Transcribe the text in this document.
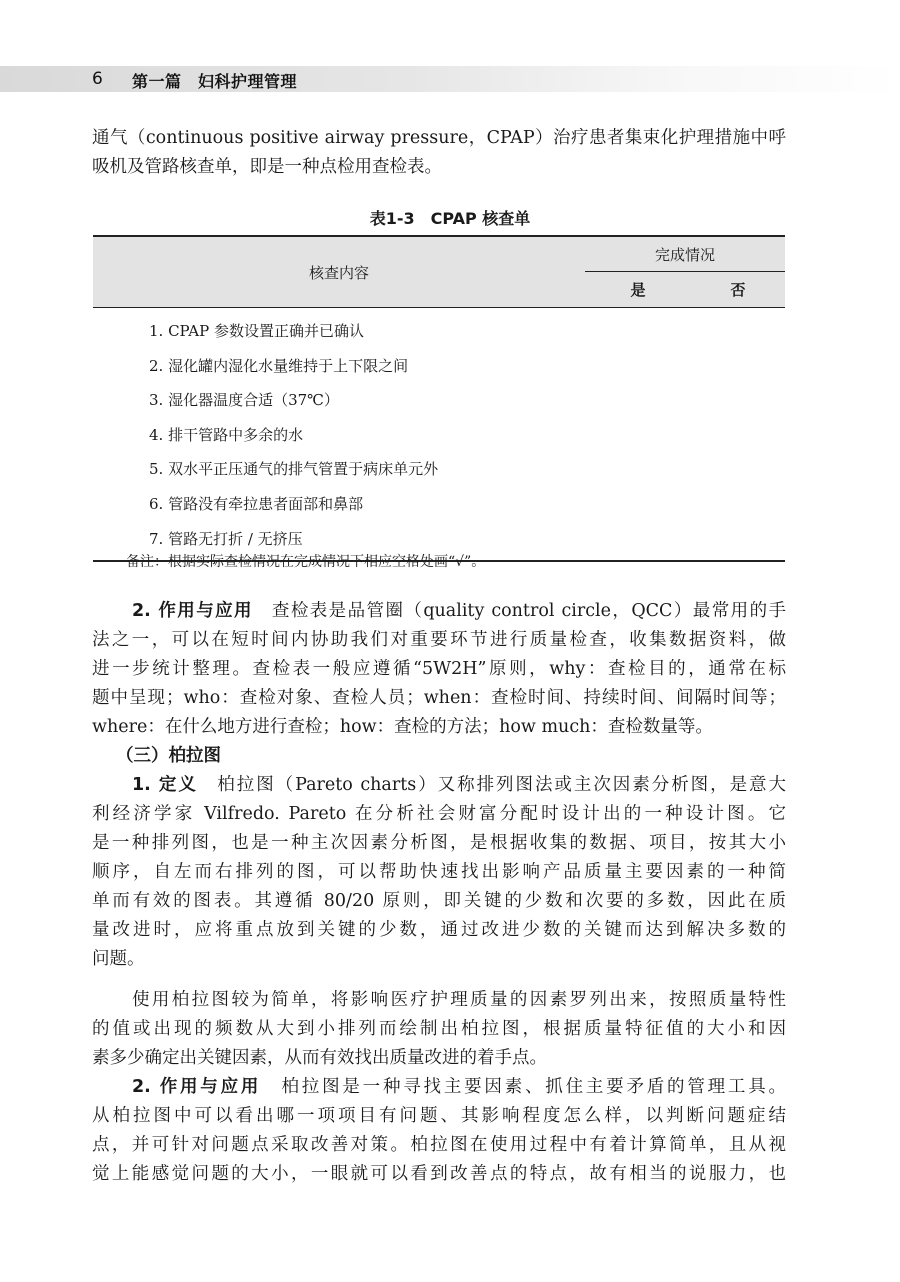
6 第一篇　妇科护理管理

通气（continuous positive airway pressure，CPAP）治疗患者集束化护理措施中呼

吸机及管路核查单，即是一种点检用查检表。

表1-3　CPAP 核查单
核查内容
完成情况
是	否
1. CPAP 参数设置正确并已确认
2. 湿化罐内湿化水量维持于上下限之间
3. 湿化器温度合适（37℃）
4. 排干管路中多余的水
5. 双水平正压通气的排气管置于病床单元外
6. 管路没有牵拉患者面部和鼻部
7. 管路无打折 / 无挤压
备注：根据实际查检情况在完成情况下相应空格处画“√”。

2. 作用与应用　查检表是品管圈（quality control circle，QCC）最常用的手

法之一，可以在短时间内协助我们对重要环节进行质量检查，收集数据资料，做

进一步统计整理。查检表一般应遵循“5W2H”原则，why：查检目的，通常在标

题中呈现；who：查检对象、查检人员；when：查检时间、持续时间、间隔时间等；

where：在什么地方进行查检；how：查检的方法；how much：查检数量等。

（三）柏拉图

1. 定义　柏拉图（Pareto charts）又称排列图法或主次因素分析图，是意大

利经济学家 Vilfredo. Pareto 在分析社会财富分配时设计出的一种设计图。它

是一种排列图，也是一种主次因素分析图，是根据收集的数据、项目，按其大小

顺序，自左而右排列的图，可以帮助快速找出影响产品质量主要因素的一种简

单而有效的图表。其遵循 80/20 原则，即关键的少数和次要的多数，因此在质

量改进时，应将重点放到关键的少数，通过改进少数的关键而达到解决多数的

问题。

使用柏拉图较为简单，将影响医疗护理质量的因素罗列出来，按照质量特性

的值或出现的频数从大到小排列而绘制出柏拉图，根据质量特征值的大小和因

素多少确定出关键因素，从而有效找出质量改进的着手点。

2. 作用与应用　柏拉图是一种寻找主要因素、抓住主要矛盾的管理工具。

从柏拉图中可以看出哪一项项目有问题、其影响程度怎么样，以判断问题症结

点，并可针对问题点采取改善对策。柏拉图在使用过程中有着计算简单，且从视

觉上能感觉问题的大小，一眼就可以看到改善点的特点，故有相当的说服力，也
